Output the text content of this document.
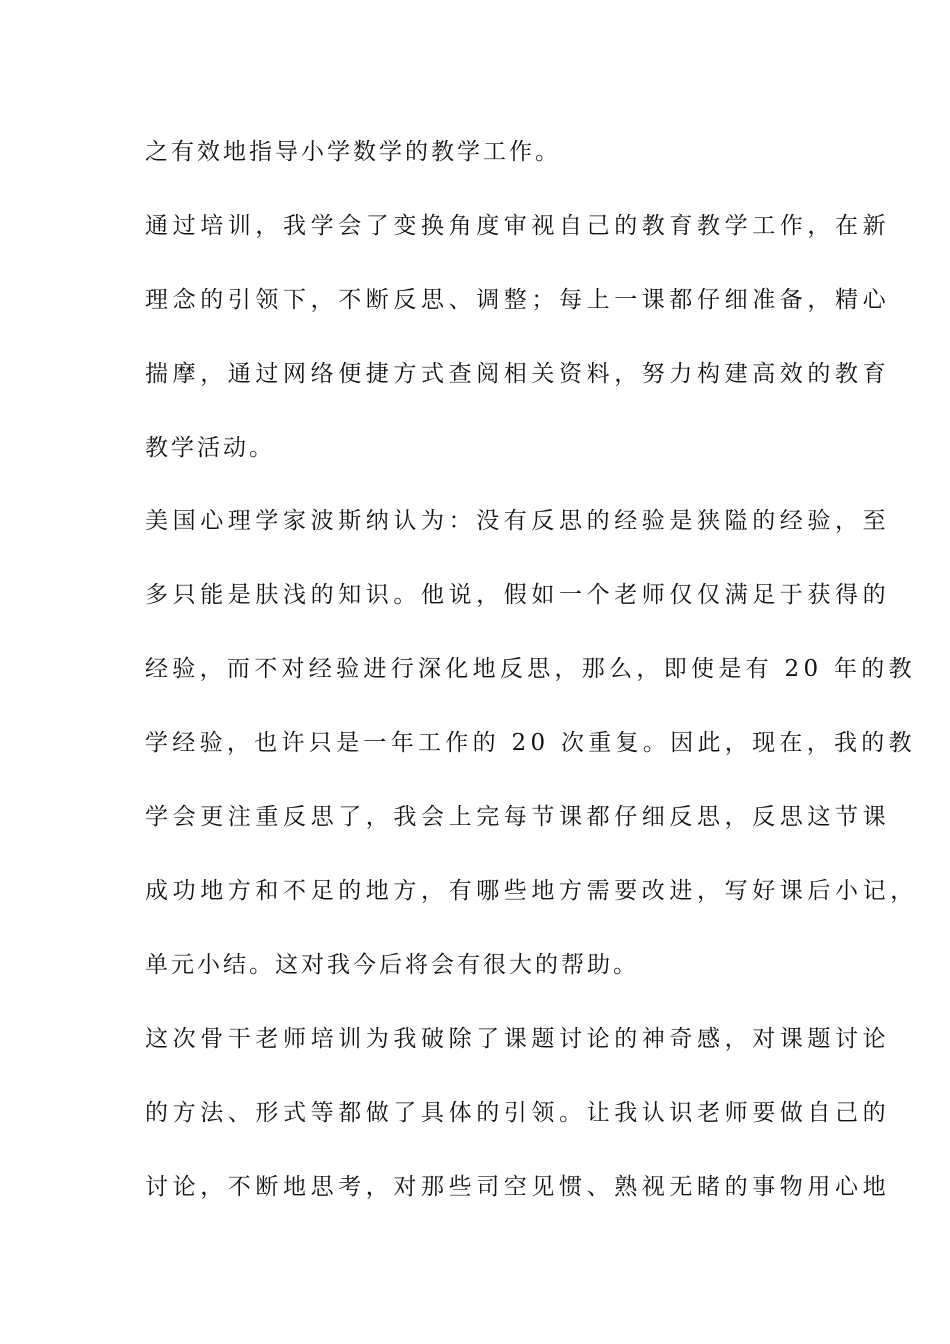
之有效地指导小学数学的教学工作。
通过培训，我学会了变换角度审视自己的教育教学工作，在新
理念的引领下，不断反思、调整；每上一课都仔细准备，精心
揣摩，通过网络便捷方式查阅相关资料，努力构建高效的教育
教学活动。
美国心理学家波斯纳认为：没有反思的经验是狭隘的经验，至
多只能是肤浅的知识。他说，假如一个老师仅仅满足于获得的
经验，而不对经验进行深化地反思，那么，即使是有 20 年的教
学经验，也许只是一年工作的 20 次重复。因此，现在，我的教
学会更注重反思了，我会上完每节课都仔细反思，反思这节课
成功地方和不足的地方，有哪些地方需要改进，写好课后小记，
单元小结。这对我今后将会有很大的帮助。
这次骨干老师培训为我破除了课题讨论的神奇感，对课题讨论
的方法、形式等都做了具体的引领。让我认识老师要做自己的
讨论，不断地思考，对那些司空见惯、熟视无睹的事物用心地
